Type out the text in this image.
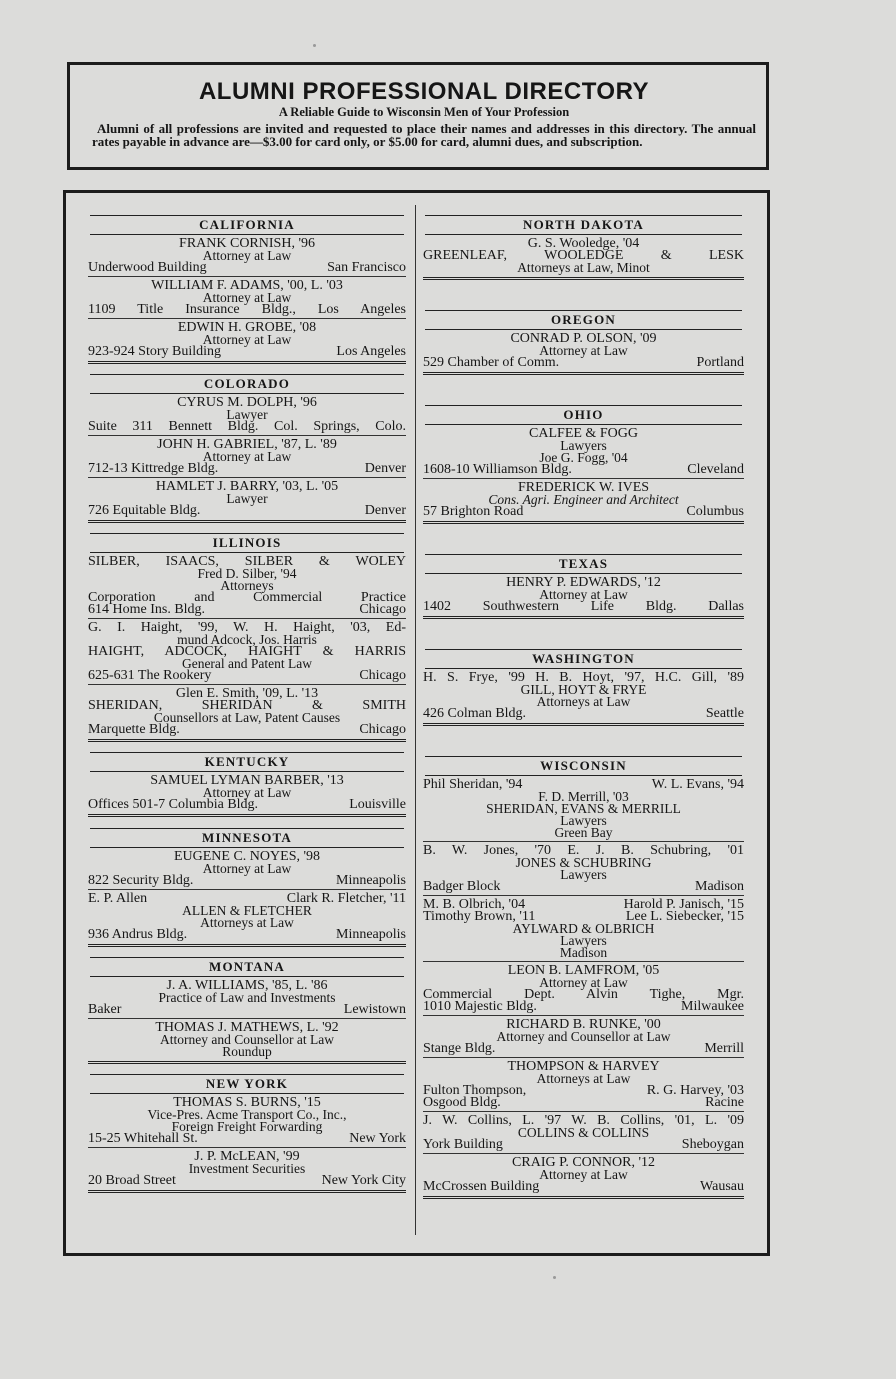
ALUMNI PROFESSIONAL DIRECTORY
A Reliable Guide to Wisconsin Men of Your Profession
Alumni of all professions are invited and requested to place their names and addresses in this directory. The annual rates payable in advance are—$3.00 for card only, or $5.00 for card, alumni dues, and subscription.
CALIFORNIA
FRANK CORNISH, '96
Attorney at Law
Underwood Building	San Francisco
WILLIAM F. ADAMS, '00, L. '03
Attorney at Law
1109 Title Insurance Bldg., Los Angeles
EDWIN H. GROBE, '08
Attorney at Law
923-924 Story Building	Los Angeles
COLORADO
CYRUS M. DOLPH, '96
Lawyer
Suite 311 Bennett Bldg. Col. Springs, Colo.
JOHN H. GABRIEL, '87, L. '89
Attorney at Law
712-13 Kittredge Bldg.	Denver
HAMLET J. BARRY, '03, L. '05
Lawyer
726 Equitable Bldg.	Denver
ILLINOIS
SILBER, ISAACS, SILBER & WOLEY
Fred D. Silber, '94
Attorneys
Corporation and Commercial Practice
614 Home Ins. Bldg.	Chicago
G. I. Haight, '99, W. H. Haight, '03, Ed-
mund Adcock, Jos. Harris
HAIGHT, ADCOCK, HAIGHT & HARRIS
General and Patent Law
625-631 The Rookery	Chicago
Glen E. Smith, '09, L. '13
SHERIDAN, SHERIDAN & SMITH
Counsellors at Law, Patent Causes
Marquette Bldg.	Chicago
KENTUCKY
SAMUEL LYMAN BARBER, '13
Attorney at Law
Offices 501-7 Columbia Bldg.	Louisville
MINNESOTA
EUGENE C. NOYES, '98
Attorney at Law
822 Security Bldg.	Minneapolis
E. P. Allen	Clark R. Fletcher, '11
ALLEN & FLETCHER
Attorneys at Law
936 Andrus Bldg.	Minneapolis
MONTANA
J. A. WILLIAMS, '85, L. '86
Practice of Law and Investments
Baker	Lewistown
THOMAS J. MATHEWS, L. '92
Attorney and Counsellor at Law
Roundup
NEW YORK
THOMAS S. BURNS, '15
Vice-Pres. Acme Transport Co., Inc.,
Foreign Freight Forwarding
15-25 Whitehall St.	New York
J. P. McLEAN, '99
Investment Securities
20 Broad Street	New York City
NORTH DAKOTA
G. S. Wooledge, '04
GREENLEAF, WOOLEDGE & LESK
Attorneys at Law, Minot
OREGON
CONRAD P. OLSON, '09
Attorney at Law
529 Chamber of Comm.	Portland
OHIO
CALFEE & FOGG
Lawyers
Joe G. Fogg, '04
1608-10 Williamson Bldg.	Cleveland
FREDERICK W. IVES
Cons. Agri. Engineer and Architect
57 Brighton Road	Columbus
TEXAS
HENRY P. EDWARDS, '12
Attorney at Law
1402 Southwestern Life Bldg. Dallas
WASHINGTON
H. S. Frye, '99 H. B. Hoyt, '97, H.C. Gill, '89
GILL, HOYT & FRYE
Attorneys at Law
426 Colman Bldg.	Seattle
WISCONSIN
Phil Sheridan, '94	W. L. Evans, '94
F. D. Merrill, '03
SHERIDAN, EVANS & MERRILL
Lawyers
Green Bay
B. W. Jones, '70 E. J. B. Schubring, '01
JONES & SCHUBRING
Lawyers
Badger Block	Madison
M. B. Olbrich, '04	Harold P. Janisch, '15
Timothy Brown, '11	Lee L. Siebecker, '15
AYLWARD & OLBRICH
Lawyers
Madison
LEON B. LAMFROM, '05
Attorney at Law
Commercial Dept. Alvin Tighe, Mgr.
1010 Majestic Bldg.	Milwaukee
RICHARD B. RUNKE, '00
Attorney and Counsellor at Law
Stange Bldg.	Merrill
THOMPSON & HARVEY
Attorneys at Law
Fulton Thompson,	R. G. Harvey, '03
Osgood Bldg.	Racine
J. W. Collins, L. '97 W. B. Collins, '01, L. '09
COLLINS & COLLINS
York Building	Sheboygan
CRAIG P. CONNOR, '12
Attorney at Law
McCrossen Building	Wausau
